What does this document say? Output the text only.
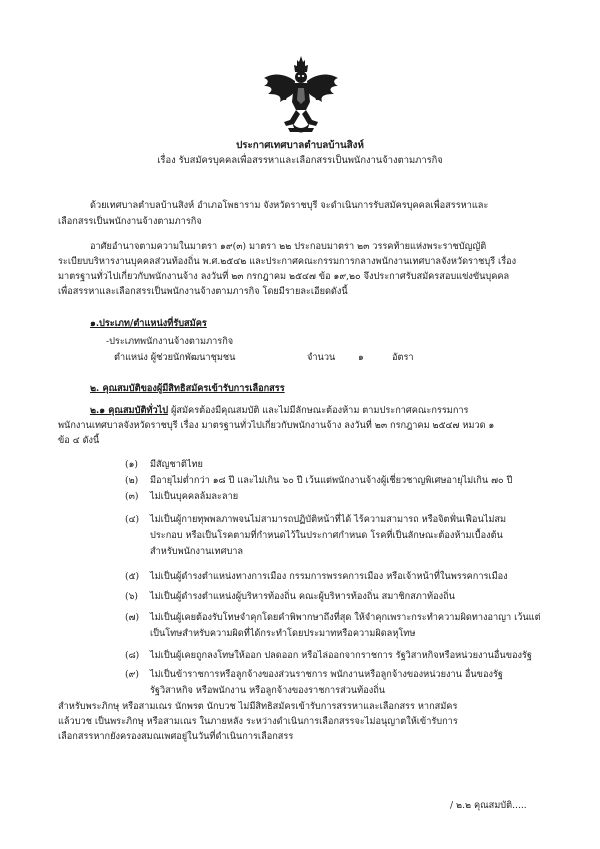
ประกาศเทศบาลตำบลบ้านสิงห์
เรื่อง รับสมัครบุคคลเพื่อสรรหาและเลือกสรรเป็นพนักงานจ้างตามภารกิจ
ด้วยเทศบาลตำบลบ้านสิงห์ อำเภอโพธาราม จังหวัดราชบุรี จะดำเนินการรับสมัครบุคคลเพื่อสรรหาและ
เลือกสรรเป็นพนักงานจ้างตามภารกิจ
อาศัยอำนาจตามความในมาตรา ๑๙(๓) มาตรา ๒๒ ประกอบมาตรา ๒๓ วรรคท้ายแห่งพระราชบัญญัติ
ระเบียบบริหารงานบุคคลส่วนท้องถิ่น พ.ศ.๒๕๔๒ และประกาศคณะกรรมการกลางพนักงานเทศบาลจังหวัดราชบุรี เรื่อง
มาตรฐานทั่วไปเกี่ยวกับพนักงานจ้าง ลงวันที่ ๒๓ กรกฎาคม ๒๕๔๗ ข้อ ๑๙,๒๐ จึงประกาศรับสมัครสอบแข่งขันบุคคล
เพื่อสรรหาและเลือกสรรเป็นพนักงานจ้างตามภารกิจ โดยมีรายละเอียดดังนี้
๑.ประเภท/ตำแหน่งที่รับสมัคร
-ประเภทพนักงานจ้างตามภารกิจ
ตำแหน่ง ผู้ช่วยนักพัฒนาชุมชน	จำนวน ๑	อัตรา
๒. คุณสมบัติของผู้มีสิทธิสมัครเข้ารับการเลือกสรร
๒.๑ คุณสมบัติทั่วไป ผู้สมัครต้องมีคุณสมบัติ และไม่มีลักษณะต้องห้าม ตามประกาศคณะกรรมการ
พนักงานเทศบาลจังหวัดราชบุรี เรื่อง มาตรฐานทั่วไปเกี่ยวกับพนักงานจ้าง ลงวันที่ ๒๓ กรกฎาคม ๒๕๔๗ หมวด ๑
ข้อ ๔ ดังนี้
(๑) มีสัญชาติไทย
(๒) มีอายุไม่ต่ำกว่า ๑๘ ปี และไม่เกิน ๖๐ ปี เว้นแต่พนักงานจ้างผู้เชี่ยวชาญพิเศษอายุไม่เกิน ๗๐ ปี
(๓) ไม่เป็นบุคคลล้มละลาย
(๔) ไม่เป็นผู้กายทุพพลภาพจนไม่สามารถปฏิบัติหน้าที่ได้ ไร้ความสามารถ หรือจิตฟั่นเฟือนไม่สม
ประกอบ หรือเป็นโรคตามที่กำหนดไว้ในประกาศกำหนด โรคที่เป็นลักษณะต้องห้ามเบื้องต้น
สำหรับพนักงานเทศบาล
(๕) ไม่เป็นผู้ดำรงตำแหน่งทางการเมือง กรรมการพรรคการเมือง หรือเจ้าหน้าที่ในพรรคการเมือง
(๖) ไม่เป็นผู้ดำรงตำแหน่งผู้บริหารท้องถิ่น คณะผู้บริหารท้องถิ่น สมาชิกสภาท้องถิ่น
(๗) ไม่เป็นผู้เคยต้องรับโทษจำคุกโดยคำพิพากษาถึงที่สุด ให้จำคุกเพราะกระทำความผิดทางอาญา เว้นแต่
เป็นโทษสำหรับความผิดที่ได้กระทำโดยประมาทหรือความผิดลหุโทษ
(๘) ไม่เป็นผู้เคยถูกลงโทษให้ออก ปลดออก หรือไล่ออกจากราชการ รัฐวิสาหกิจหรือหน่วยงานอื่นของรัฐ
(๙) ไม่เป็นข้าราชการหรือลูกจ้างของส่วนราชการ พนักงานหรือลูกจ้างของหน่วยงาน อื่นของรัฐ
รัฐวิสาหกิจ หรือพนักงาน หรือลูกจ้างของราชการส่วนท้องถิ่น
สำหรับพระภิกษุ หรือสามเณร นักพรต นักบวช ไม่มีสิทธิสมัครเข้ารับการสรรหาและเลือกสรร หากสมัคร
แล้วบวช เป็นพระภิกษุ หรือสามเณร ในภายหลัง ระหว่างดำเนินการเลือกสรรจะไม่อนุญาตให้เข้ารับการ
เลือกสรรหากยังครองสมณเพศอยู่ในวันที่ดำเนินการเลือกสรร
/ ๒.๒ คุณสมบัติ.....
